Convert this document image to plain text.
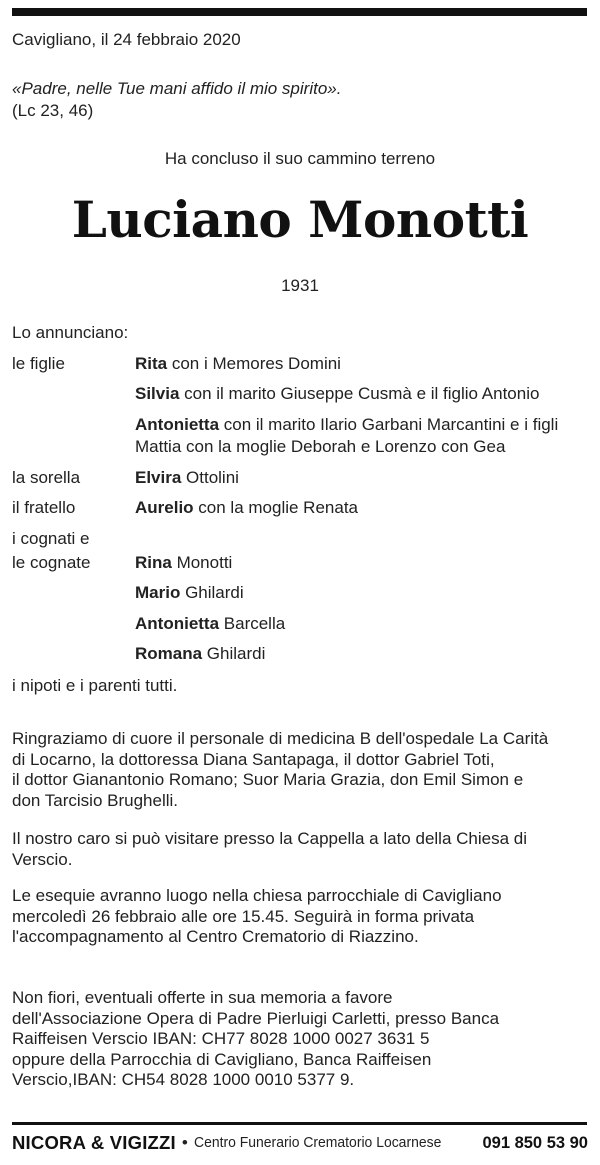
Cavigliano, il 24 febbraio 2020
«Padre, nelle Tue mani affido il mio spirito».
(Lc 23, 46)
Ha concluso il suo cammino terreno
Luciano Monotti
1931
Lo annunciano:
le figlie	Rita con i Memores Domini
Silvia con il marito Giuseppe Cusmà e il figlio Antonio
Antonietta con il marito Ilario Garbani Marcantini e i figli
Mattia con la moglie Deborah e Lorenzo con Gea
la sorella	Elvira Ottolini
il fratello	Aurelio con la moglie Renata
i cognati e
le cognate	Rina Monotti
Mario Ghilardi
Antonietta Barcella
Romana Ghilardi
i nipoti e i parenti tutti.
Ringraziamo di cuore il personale di medicina B dell'ospedale La Carità
di Locarno, la dottoressa Diana Santapaga, il dottor Gabriel Toti,
il dottor Gianantonio Romano; Suor Maria Grazia, don Emil Simon e
don Tarcisio Brughelli.
Il nostro caro si può visitare presso la Cappella a lato della Chiesa di
Verscio.
Le esequie avranno luogo nella chiesa parrocchiale di Cavigliano
mercoledì 26 febbraio alle ore 15.45. Seguirà in forma privata
l'accompagnamento al Centro Crematorio di Riazzino.
Non fiori, eventuali offerte in sua memoria a favore
dell'Associazione Opera di Padre Pierluigi Carletti, presso Banca
Raiffeisen Verscio IBAN: CH77 8028 1000 0027 3631 5
oppure della Parrocchia di Cavigliano, Banca Raiffeisen
Verscio,IBAN: CH54 8028 1000 0010 5377 9.
NICORA & VIGIZZI • Centro Funerario Crematorio Locarnese	091 850 53 90
